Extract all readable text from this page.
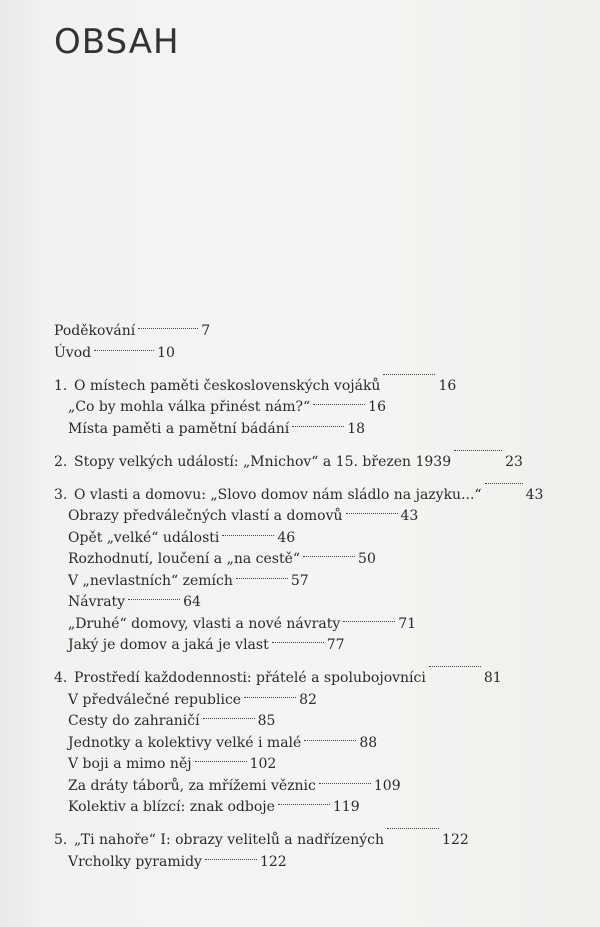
OBSAH
Poděkování	7
Úvod	10
1. O místech paměti československých vojáků	16
„Co by mohla válka přinést nám?“	16
Místa paměti a pamětní bádání	18
2. Stopy velkých událostí: „Mnichov“ a 15. březen 1939	23
3. O vlasti a domovu: „Slovo domov nám sládlo na jazyku...“	43
Obrazy předválečných vlastí a domovů	43
Opět „velké“ události	46
Rozhodnutí, loučení a „na cestě“	50
V „nevlastních“ zemích	57
Návraty	64
„Druhé“ domovy, vlasti a nové návraty	71
Jaký je domov a jaká je vlast	77
4. Prostředí každodennosti: přátelé a spolubojovníci	81
V předválečné republice	82
Cesty do zahraničí	85
Jednotky a kolektivy velké i malé	88
V boji a mimo něj	102
Za dráty táborů, za mřížemi věznic	109
Kolektiv a blízcí: znak odboje	119
5. „Ti nahoře“ I: obrazy velitelů a nadřízených	122
Vrcholky pyramidy	122
